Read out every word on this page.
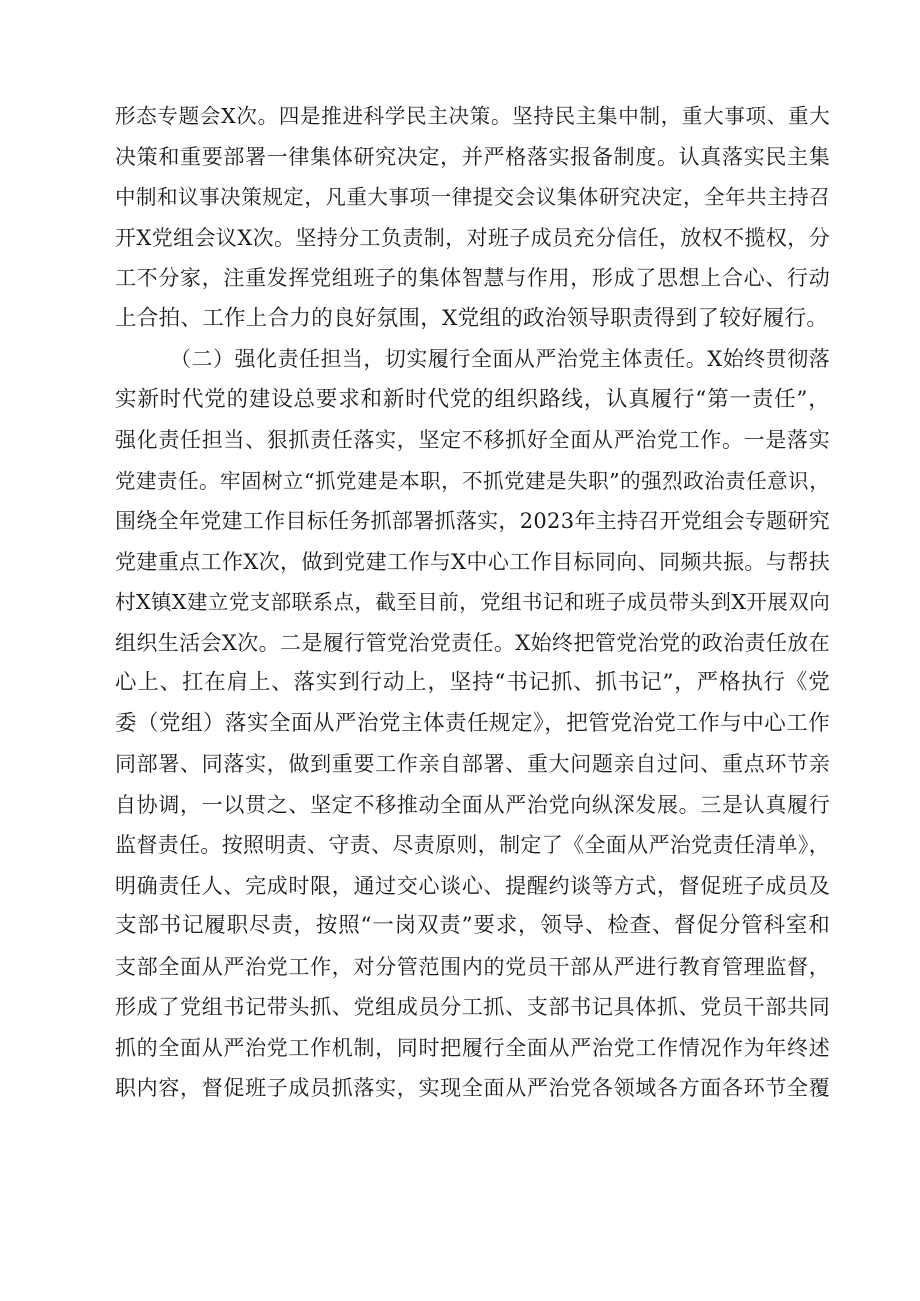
形态专题会X次。四是推进科学民主决策。坚持民主集中制，重大事项、重大
决策和重要部署一律集体研究决定，并严格落实报备制度。认真落实民主集
中制和议事决策规定，凡重大事项一律提交会议集体研究决定，全年共主持召
开X党组会议X次。坚持分工负责制，对班子成员充分信任，放权不揽权，分
工不分家，注重发挥党组班子的集体智慧与作用，形成了思想上合心、行动
上合拍、工作上合力的良好氛围，X党组的政治领导职责得到了较好履行。
（二）强化责任担当，切实履行全面从严治党主体责任。X始终贯彻落
实新时代党的建设总要求和新时代党的组织路线，认真履行“第一责任”，
强化责任担当、狠抓责任落实，坚定不移抓好全面从严治党工作。一是落实
党建责任。牢固树立“抓党建是本职，不抓党建是失职”的强烈政治责任意识，
围绕全年党建工作目标任务抓部署抓落实，2023年主持召开党组会专题研究
党建重点工作X次，做到党建工作与X中心工作目标同向、同频共振。与帮扶
村X镇X建立党支部联系点，截至目前，党组书记和班子成员带头到X开展双向
组织生活会X次。二是履行管党治党责任。X始终把管党治党的政治责任放在
心上、扛在肩上、落实到行动上，坚持“书记抓、抓书记”，严格执行《党
委（党组）落实全面从严治党主体责任规定》，把管党治党工作与中心工作
同部署、同落实，做到重要工作亲自部署、重大问题亲自过问、重点环节亲
自协调，一以贯之、坚定不移推动全面从严治党向纵深发展。三是认真履行
监督责任。按照明责、守责、尽责原则，制定了《全面从严治党责任清单》，
明确责任人、完成时限，通过交心谈心、提醒约谈等方式，督促班子成员及
支部书记履职尽责，按照“一岗双责”要求，领导、检查、督促分管科室和
支部全面从严治党工作，对分管范围内的党员干部从严进行教育管理监督，
形成了党组书记带头抓、党组成员分工抓、支部书记具体抓、党员干部共同
抓的全面从严治党工作机制，同时把履行全面从严治党工作情况作为年终述
职内容，督促班子成员抓落实，实现全面从严治党各领域各方面各环节全覆
